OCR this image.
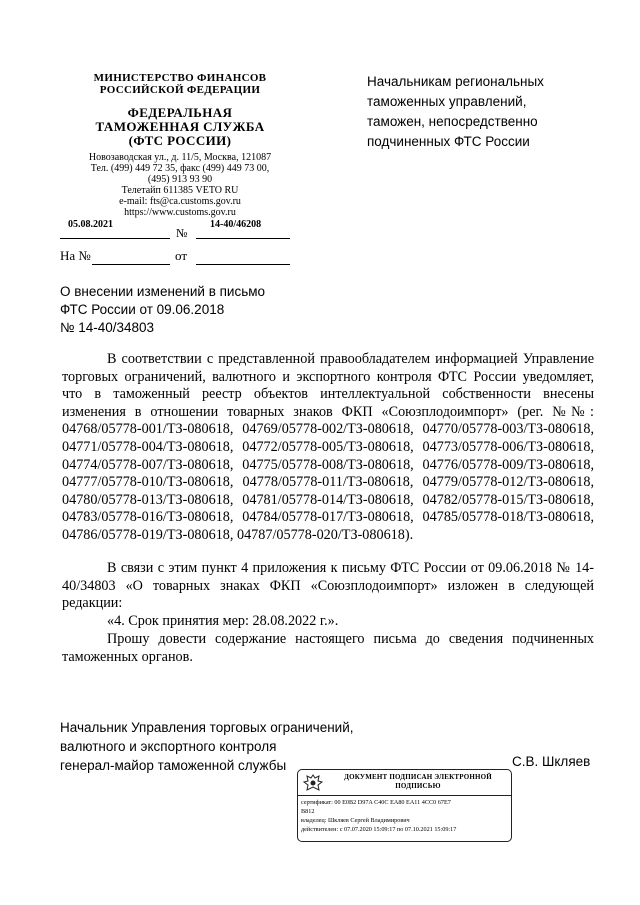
МИНИСТЕРСТВО ФИНАНСОВ
РОССИЙСКОЙ ФЕДЕРАЦИИ
ФЕДЕРАЛЬНАЯ
ТАМОЖЕННАЯ СЛУЖБА
(ФТС РОССИИ)
Новозаводская ул., д. 11/5, Москва, 121087
Тел. (499) 449 72 35, факс (499) 449 73 00,
(495) 913 93 90
Телетайп 611385 VETO RU
e-mail: fts@ca.customs.gov.ru
https://www.customs.gov.ru
05.08.2021
№
14-40/46208
На №	от
Начальникам региональных
таможенных управлений,
таможен, непосредственно
подчиненных ФТС России
О внесении изменений в письмо
ФТС России от 09.06.2018
№ 14-40/34803
В соответствии с представленной правообладателем информацией Управление торговых ограничений, валютного и экспортного контроля ФТС России уведомляет, что в таможенный реестр объектов интеллектуальной собственности внесены изменения в отношении товарных знаков ФКП «Союзплодоимпорт» (рег. №№: 04768/05778-001/ТЗ-080618, 04769/05778-002/ТЗ-080618, 04770/05778-003/ТЗ-080618, 04771/05778-004/ТЗ-080618, 04772/05778-005/ТЗ-080618, 04773/05778-006/ТЗ-080618, 04774/05778-007/ТЗ-080618, 04775/05778-008/ТЗ-080618, 04776/05778-009/ТЗ-080618, 04777/05778-010/ТЗ-080618, 04778/05778-011/ТЗ-080618, 04779/05778-012/ТЗ-080618, 04780/05778-013/ТЗ-080618, 04781/05778-014/ТЗ-080618, 04782/05778-015/ТЗ-080618, 04783/05778-016/ТЗ-080618, 04784/05778-017/ТЗ-080618, 04785/05778-018/ТЗ-080618, 04786/05778-019/ТЗ-080618, 04787/05778-020/ТЗ-080618).
В связи с этим пункт 4 приложения к письму ФТС России от 09.06.2018 № 14-40/34803 «О товарных знаках ФКП «Союзплодоимпорт» изложен в следующей редакции:
«4. Срок принятия мер: 28.08.2022 г.».
Прошу довести содержание настоящего письма до сведения подчиненных таможенных органов.
Начальник Управления торговых ограничений,
валютного и экспортного контроля
генерал-майор таможенной службы	С.В. Шкляев
ДОКУМЕНТ ПОДПИСАН ЭЛЕКТРОННОЙ
ПОДПИСЬЮ
сертификат: 00 E0B2 D97A C40C EA80 EA11 4CC0 67E7
B812
владелец: Шкляев Сергей Владимирович
действителен: с 07.07.2020 15:09:17 по 07.10.2021 15:09:17
